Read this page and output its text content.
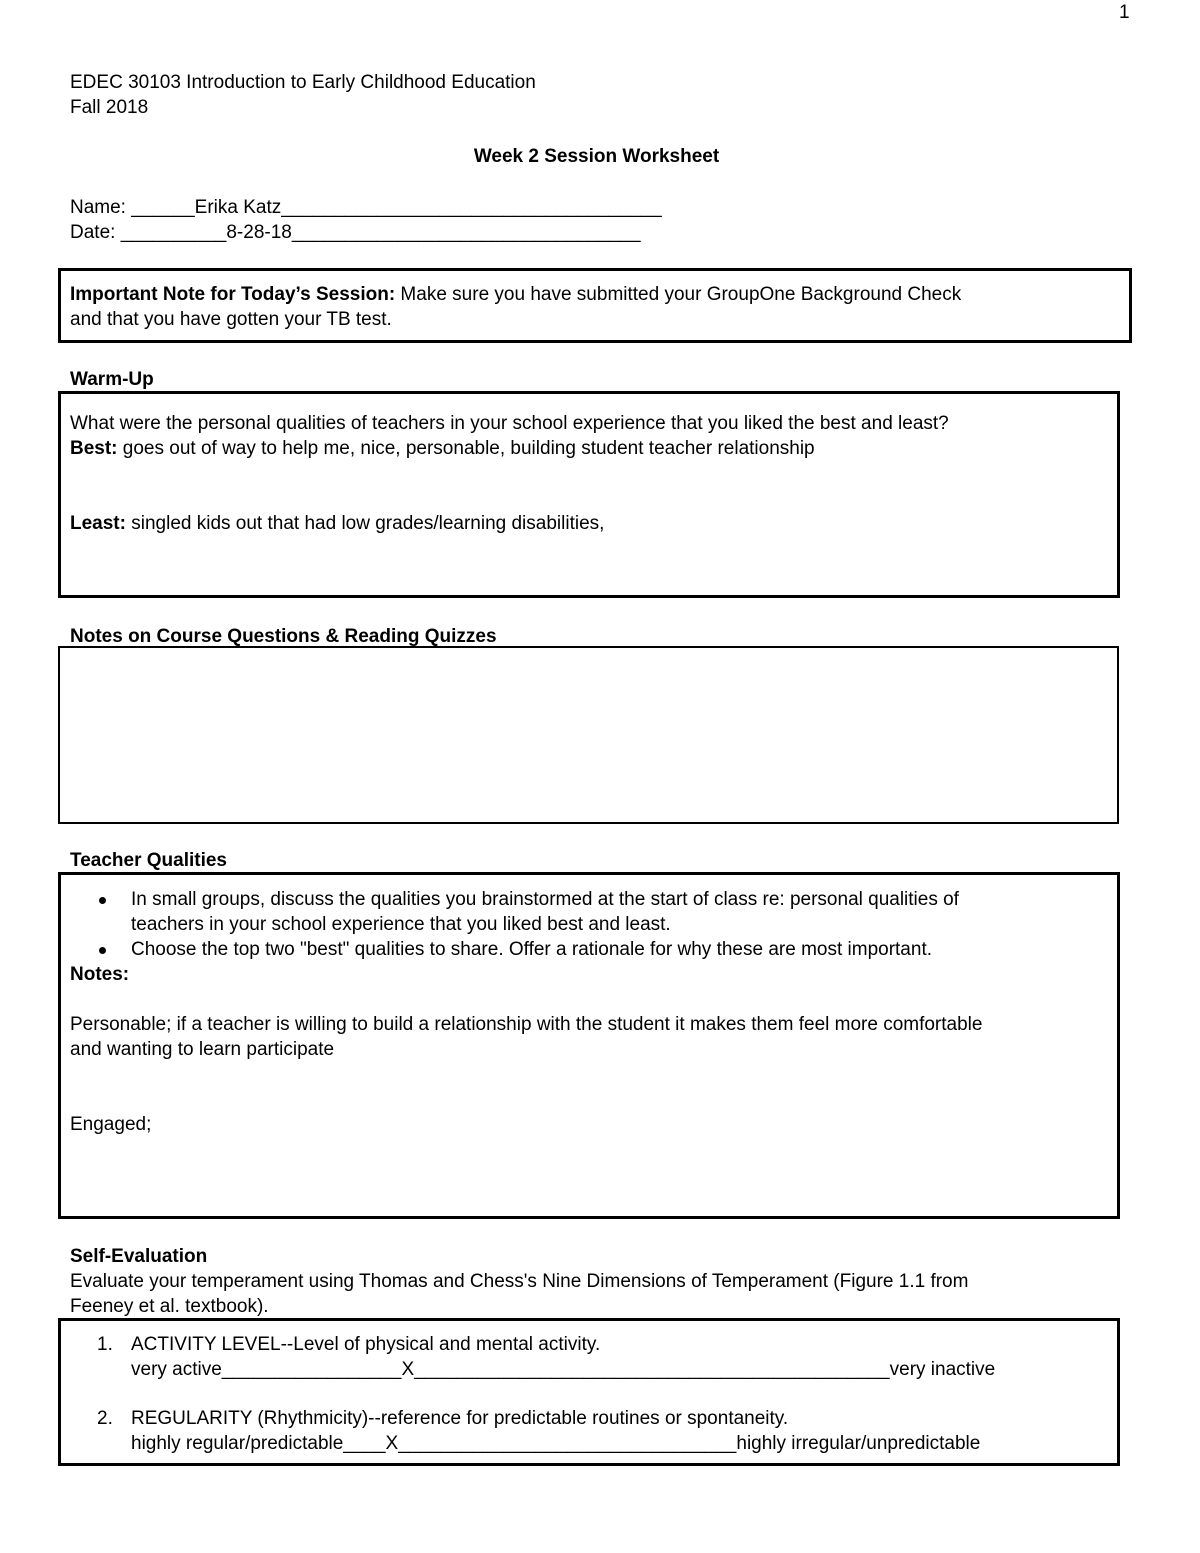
1
EDEC 30103 Introduction to Early Childhood Education
Fall 2018
Week 2 Session Worksheet
Name: ______Erika Katz____________________________________
Date: __________8-28-18_________________________________
Important Note for Today’s Session: Make sure you have submitted your GroupOne Background Check
and that you have gotten your TB test.
Warm-Up
What were the personal qualities of teachers in your school experience that you liked the best and least?
Best: goes out of way to help me, nice, personable, building student teacher relationship
Least: singled kids out that had low grades/learning disabilities,
Notes on Course Questions & Reading Quizzes
Teacher Qualities
In small groups, discuss the qualities you brainstormed at the start of class re: personal qualities of
teachers in your school experience that you liked best and least.
Choose the top two "best" qualities to share. Offer a rationale for why these are most important.
Notes:
Personable; if a teacher is willing to build a relationship with the student it makes them feel more comfortable
and wanting to learn participate
Engaged;
Self-Evaluation
Evaluate your temperament using Thomas and Chess's Nine Dimensions of Temperament (Figure 1.1 from
Feeney et al. textbook).
1. ACTIVITY LEVEL--Level of physical and mental activity.
very active_________________X_____________________________________________very inactive
2. REGULARITY (Rhythmicity)--reference for predictable routines or spontaneity.
highly regular/predictable____X________________________________highly irregular/unpredictable
